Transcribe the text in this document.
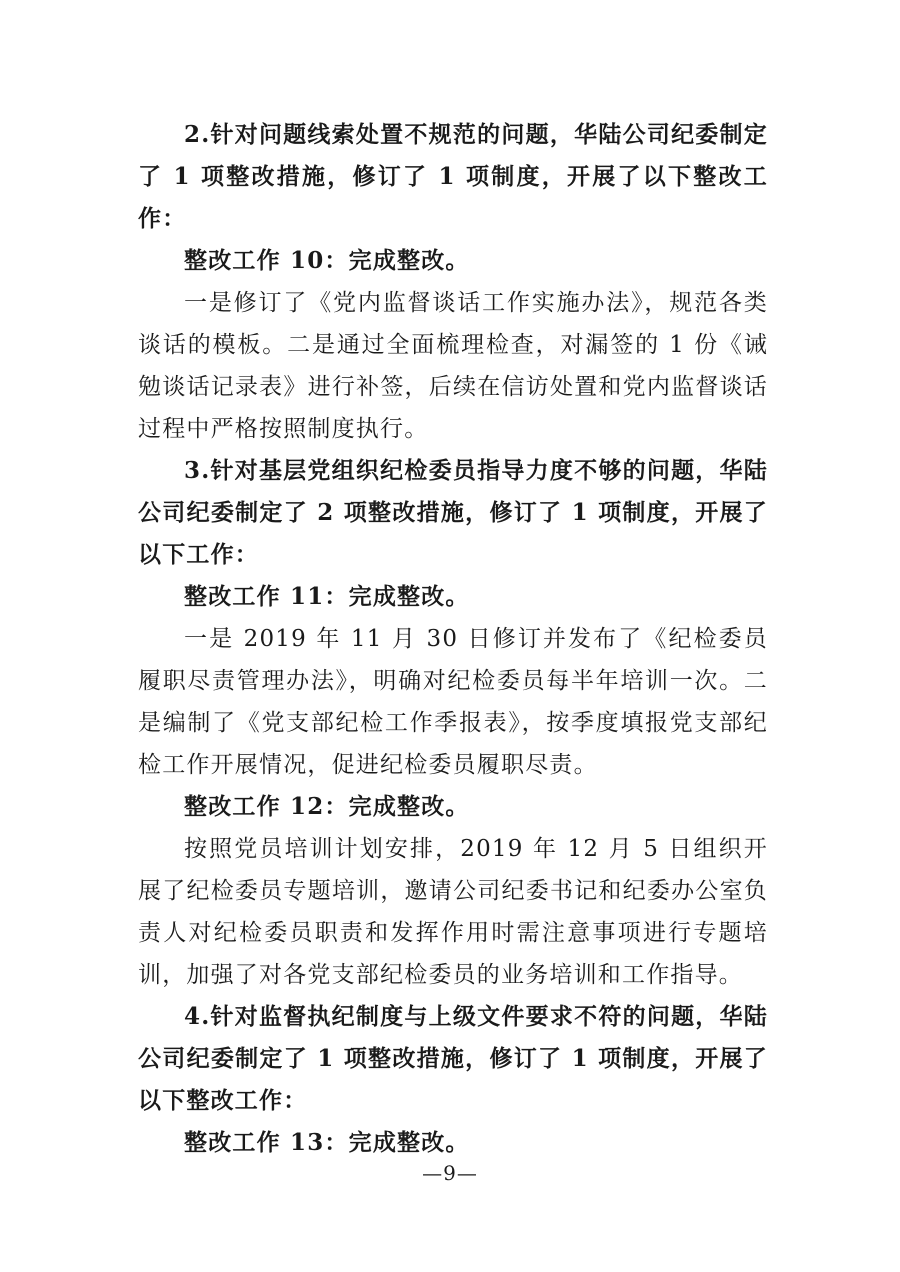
2.针对问题线索处置不规范的问题，华陆公司纪委制定了 1 项整改措施，修订了 1 项制度，开展了以下整改工作：

整改工作 10：完成整改。

一是修订了《党内监督谈话工作实施办法》，规范各类谈话的模板。二是通过全面梳理检查，对漏签的 1 份《诫勉谈话记录表》进行补签，后续在信访处置和党内监督谈话过程中严格按照制度执行。

3.针对基层党组织纪检委员指导力度不够的问题，华陆公司纪委制定了 2 项整改措施，修订了 1 项制度，开展了以下工作：

整改工作 11：完成整改。

一是 2019 年 11 月 30 日修订并发布了《纪检委员履职尽责管理办法》，明确对纪检委员每半年培训一次。二是编制了《党支部纪检工作季报表》，按季度填报党支部纪检工作开展情况，促进纪检委员履职尽责。

整改工作 12：完成整改。

按照党员培训计划安排，2019 年 12 月 5 日组织开展了纪检委员专题培训，邀请公司纪委书记和纪委办公室负责人对纪检委员职责和发挥作用时需注意事项进行专题培训，加强了对各党支部纪检委员的业务培训和工作指导。

4.针对监督执纪制度与上级文件要求不符的问题，华陆公司纪委制定了 1 项整改措施，修订了 1 项制度，开展了以下整改工作：

整改工作 13：完成整改。

—9—
